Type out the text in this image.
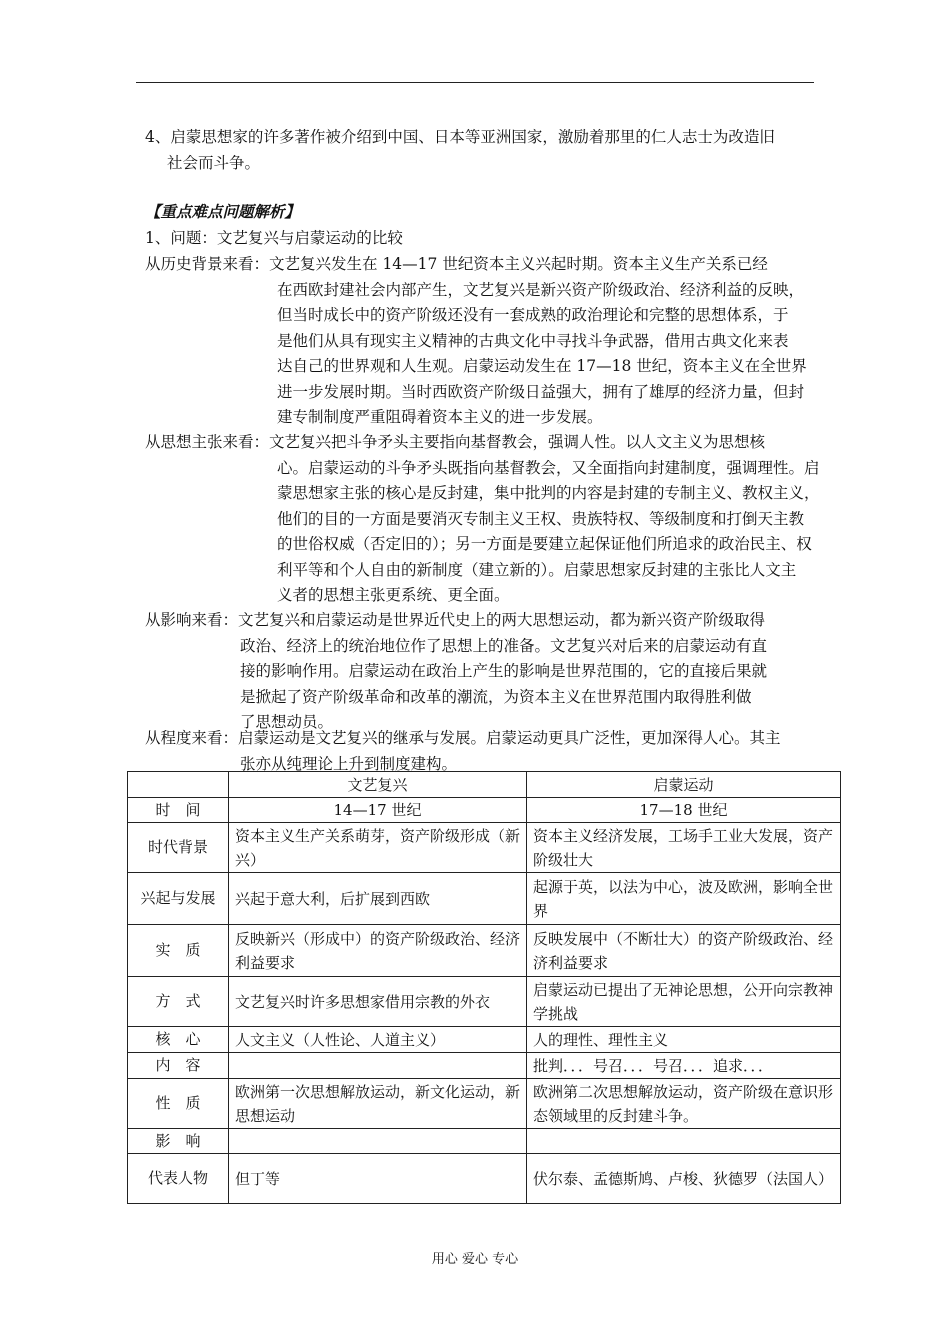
4、启蒙思想家的许多著作被介绍到中国、日本等亚洲国家，激励着那里的仁人志士为改造旧
社会而斗争。
【重点难点问题解析】
1、问题：文艺复兴与启蒙运动的比较
从历史背景来看：文艺复兴发生在 14—17 世纪资本主义兴起时期。资本主义生产关系已经
在西欧封建社会内部产生，文艺复兴是新兴资产阶级政治、经济利益的反映，
但当时成长中的资产阶级还没有一套成熟的政治理论和完整的思想体系，于
是他们从具有现实主义精神的古典文化中寻找斗争武器，借用古典文化来表
达自己的世界观和人生观。启蒙运动发生在 17—18 世纪，资本主义在全世界
进一步发展时期。当时西欧资产阶级日益强大，拥有了雄厚的经济力量，但封
建专制制度严重阻碍着资本主义的进一步发展。
从思想主张来看：文艺复兴把斗争矛头主要指向基督教会，强调人性。以人文主义为思想核
心。启蒙运动的斗争矛头既指向基督教会，又全面指向封建制度，强调理性。启
蒙思想家主张的核心是反封建，集中批判的内容是封建的专制主义、教权主义，
他们的目的一方面是要消灭专制主义王权、贵族特权、等级制度和打倒天主教
的世俗权威（否定旧的）；另一方面是要建立起保证他们所追求的政治民主、权
利平等和个人自由的新制度（建立新的）。启蒙思想家反封建的主张比人文主
义者的思想主张更系统、更全面。
从影响来看：文艺复兴和启蒙运动是世界近代史上的两大思想运动，都为新兴资产阶级取得
政治、经济上的统治地位作了思想上的准备。文艺复兴对后来的启蒙运动有直
接的影响作用。启蒙运动在政治上产生的影响是世界范围的，它的直接后果就
是掀起了资产阶级革命和改革的潮流，为资本主义在世界范围内取得胜利做
了思想动员。
从程度来看：启蒙运动是文艺复兴的继承与发展。启蒙运动更具广泛性，更加深得人心。其主
张亦从纯理论上升到制度建构。
	文艺复兴	启蒙运动
时　间	14—17 世纪	17—18 世纪
时代背景	资本主义生产关系萌芽，资产阶级形成（新兴）	资本主义经济发展，工场手工业大发展，资产阶级壮大
兴起与发展	兴起于意大利，后扩展到西欧	起源于英，以法为中心，波及欧洲，影响全世界
实　质	反映新兴（形成中）的资产阶级政治、经济利益要求	反映发展中（不断壮大）的资产阶级政治、经济利益要求
方　式	文艺复兴时许多思想家借用宗教的外衣	启蒙运动已提出了无神论思想，公开向宗教神学挑战
核　心	人文主义（人性论、人道主义）	人的理性、理性主义
内　容		批判．．．号召．．．号召．．．追求．．．
性　质	欧洲第一次思想解放运动，新文化运动，新思想运动	欧洲第二次思想解放运动，资产阶级在意识形态领域里的反封建斗争。
影　响		
代表人物	但丁等	伏尔泰、孟德斯鸠、卢梭、狄德罗（法国人）
用心 爱心 专心
